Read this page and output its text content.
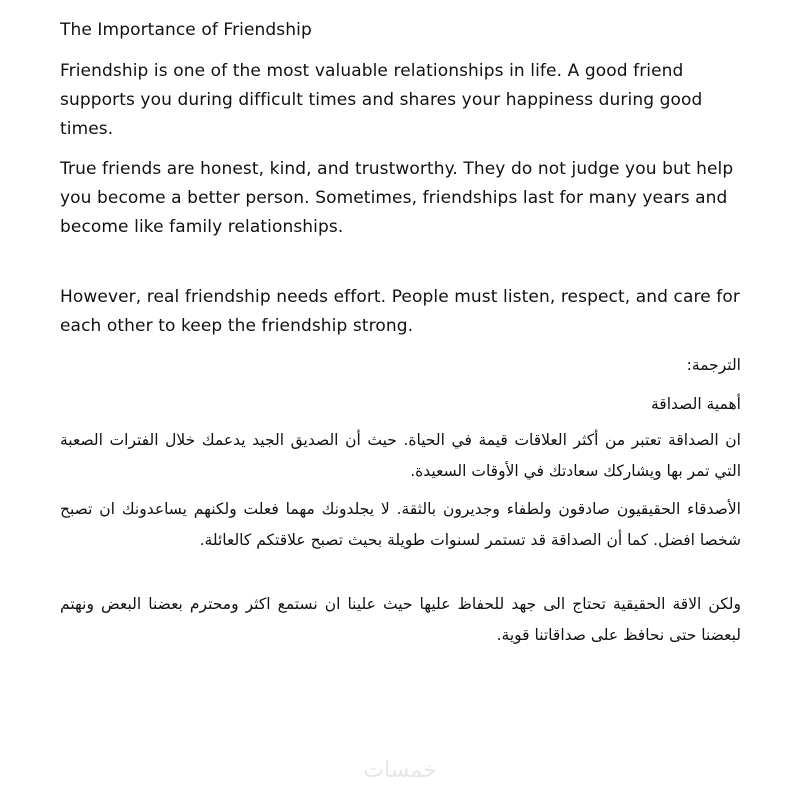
The Importance of Friendship

Friendship is one of the most valuable relationships in life. A good friend supports you during difficult times and shares your happiness during good times.

True friends are honest, kind, and trustworthy. They do not judge you but help you become a better person. Sometimes, friendships last for many years and become like family relationships.

However, real friendship needs effort. People must listen, respect, and care for each other to keep the friendship strong.

الترجمة:

أهمية الصداقة

ان الصداقة تعتبر من أكثر العلاقات قيمة في الحياة. حيث أن الصديق الجيد يدعمك خلال الفترات الصعبة التي تمر بها ويشاركك سعادتك في الأوقات السعيدة.

الأصدقاء الحقيقيون صادقون ولطفاء وجديرون بالثقة. لا يجلدونك مهما فعلت ولكنهم يساعدونك ان تصبح شخصا افضل. كما أن الصداقة قد تستمر لسنوات طويلة بحيث تصبح علاقتكم كالعائلة.

ولكن الاقة الحقيقية تحتاج الى جهد للحفاظ عليها حيث علينا ان نستمع اكثر ومحترم بعضنا البعض ونهتم لبعضنا حتى نحافظ على صداقاتنا قوية.

خمسات
